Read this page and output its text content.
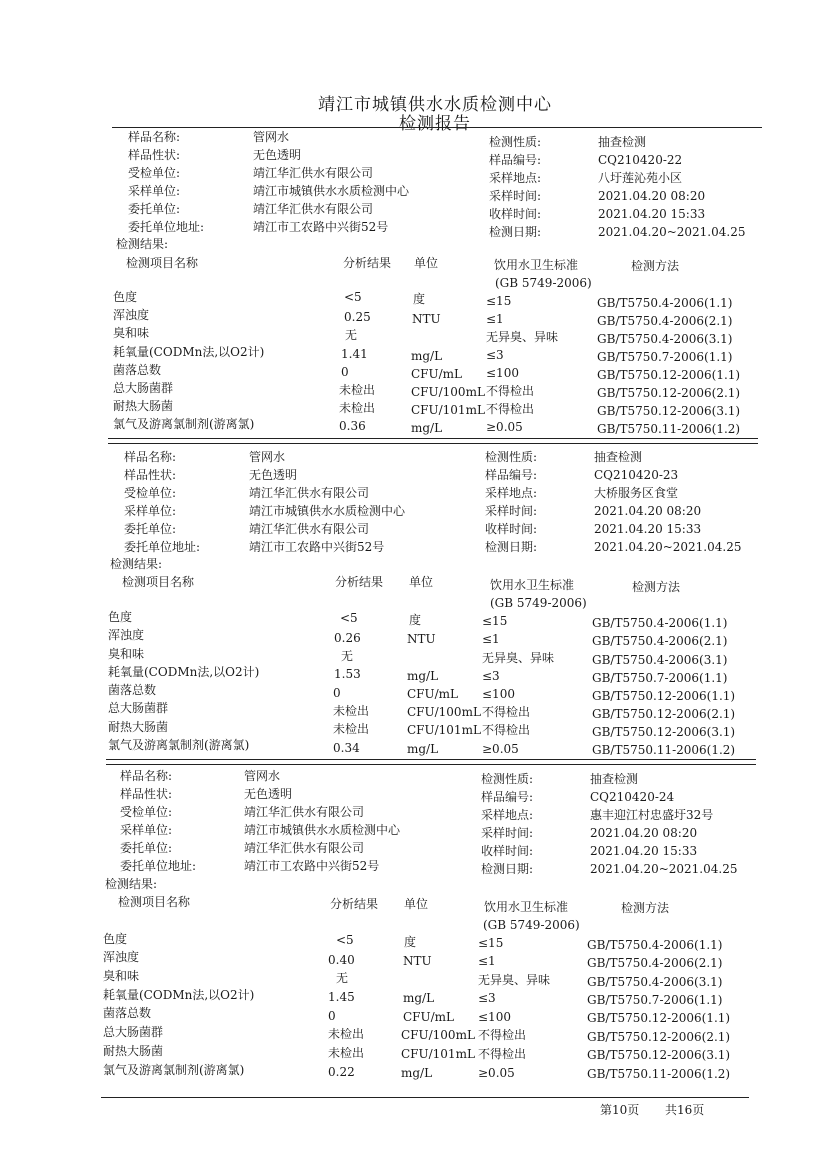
靖江市城镇供水水质检测中心
检测报告
样品名称:	管网水	检测性质:	抽查检测
样品性状:	无色透明	样品编号:	CQ210420-22
受检单位:	靖江华汇供水有限公司	采样地点:	八圩莲沁苑小区
采样单位:	靖江市城镇供水水质检测中心	采样时间:	2021.04.20 08:20
委托单位:	靖江华汇供水有限公司	收样时间:	2021.04.20 15:33
委托单位地址:	靖江市工农路中兴街52号	检测日期:	2021.04.20~2021.04.25
检测结果:
检测项目名称	分析结果 单位	饮用水卫生标准
(GB 5749-2006)
检测方法
色度	<5	度	≤15	GB/T5750.4-2006(1.1)
浑浊度	0.25	NTU	≤1	GB/T5750.4-2006(2.1)
臭和味	无	无异臭、异味	GB/T5750.4-2006(3.1)
耗氧量(CODMn法,以O2计)	1.41	mg/L	≤3	GB/T5750.7-2006(1.1)
菌落总数	0	CFU/mL ≤100	GB/T5750.12-2006(1.1)
总大肠菌群	未检出	CFU/100mL 不得检出	GB/T5750.12-2006(2.1)
耐热大肠菌	未检出	CFU/101mL 不得检出	GB/T5750.12-2006(3.1)
氯气及游离氯制剂(游离氯)	0.36	mg/L	≥0.05	GB/T5750.11-2006(1.2)
样品名称:	管网水	检测性质:	抽查检测
样品性状:	无色透明	样品编号:	CQ210420-23
受检单位:	靖江华汇供水有限公司	采样地点:	大桥服务区食堂
采样单位:	靖江市城镇供水水质检测中心	采样时间:	2021.04.20 08:20
委托单位:	靖江华汇供水有限公司	收样时间:	2021.04.20 15:33
委托单位地址:	靖江市工农路中兴街52号	检测日期:	2021.04.20~2021.04.25
检测结果:
检测项目名称	分析结果 单位	饮用水卫生标准
(GB 5749-2006)
检测方法
色度	<5	度	≤15	GB/T5750.4-2006(1.1)
浑浊度	0.26	NTU	≤1	GB/T5750.4-2006(2.1)
臭和味	无	无异臭、异味	GB/T5750.4-2006(3.1)
耗氧量(CODMn法,以O2计)	1.53	mg/L	≤3	GB/T5750.7-2006(1.1)
菌落总数	0	CFU/mL ≤100	GB/T5750.12-2006(1.1)
总大肠菌群	未检出	CFU/100mL 不得检出	GB/T5750.12-2006(2.1)
耐热大肠菌	未检出	CFU/101mL 不得检出	GB/T5750.12-2006(3.1)
氯气及游离氯制剂(游离氯)	0.34	mg/L	≥0.05	GB/T5750.11-2006(1.2)
样品名称:	管网水	检测性质:	抽查检测
样品性状:	无色透明	样品编号:	CQ210420-24
受检单位:	靖江华汇供水有限公司	采样地点:	惠丰迎江村忠盛圩32号
采样单位:	靖江市城镇供水水质检测中心	采样时间:	2021.04.20 08:20
委托单位:	靖江华汇供水有限公司	收样时间:	2021.04.20 15:33
委托单位地址:	靖江市工农路中兴街52号	检测日期:	2021.04.20~2021.04.25
检测结果:
检测项目名称	分析结果 单位	饮用水卫生标准
(GB 5749-2006)
检测方法
色度	<5	度	≤15	GB/T5750.4-2006(1.1)
浑浊度	0.40	NTU	≤1	GB/T5750.4-2006(2.1)
臭和味	无	无异臭、异味	GB/T5750.4-2006(3.1)
耗氧量(CODMn法,以O2计)	1.45	mg/L	≤3	GB/T5750.7-2006(1.1)
菌落总数	0	CFU/mL ≤100	GB/T5750.12-2006(1.1)
总大肠菌群	未检出	CFU/100mL 不得检出	GB/T5750.12-2006(2.1)
耐热大肠菌	未检出	CFU/101mL 不得检出	GB/T5750.12-2006(3.1)
氯气及游离氯制剂(游离氯)	0.22	mg/L	≥0.05	GB/T5750.11-2006(1.2)
第10页 共16页
